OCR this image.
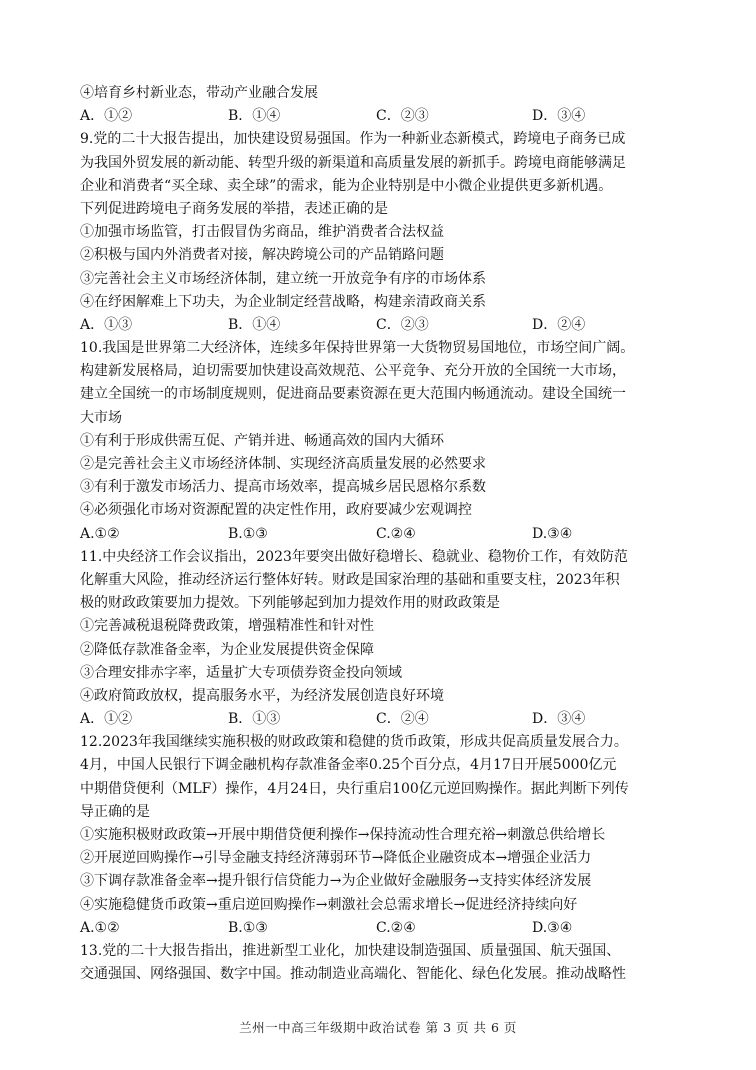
④培育乡村新业态，带动产业融合发展
A．①②	B．①④	C．②③	D．③④
9.党的二十大报告提出，加快建设贸易强国。作为一种新业态新模式，跨境电子商务已成
为我国外贸发展的新动能、转型升级的新渠道和高质量发展的新抓手。跨境电商能够满足
企业和消费者“买全球、卖全球”的需求，能为企业特别是中小微企业提供更多新机遇。
下列促进跨境电子商务发展的举措，表述正确的是
①加强市场监管，打击假冒伪劣商品，维护消费者合法权益
②积极与国内外消费者对接，解决跨境公司的产品销路问题
③完善社会主义市场经济体制，建立统一开放竞争有序的市场体系
④在纾困解难上下功夫，为企业制定经营战略，构建亲清政商关系
A．①③	B．①④	C．②③	D．②④
10.我国是世界第二大经济体，连续多年保持世界第一大货物贸易国地位，市场空间广阔。
构建新发展格局，迫切需要加快建设高效规范、公平竞争、充分开放的全国统一大市场，
建立全国统一的市场制度规则，促进商品要素资源在更大范围内畅通流动。建设全国统一
大市场
①有利于形成供需互促、产销并进、畅通高效的国内大循环
②是完善社会主义市场经济体制、实现经济高质量发展的必然要求
③有利于激发市场活力、提高市场效率，提高城乡居民恩格尔系数
④必须强化市场对资源配置的决定性作用，政府要减少宏观调控
A.①②	B.①③	C.②④	D.③④
11.中央经济工作会议指出，2023年要突出做好稳增长、稳就业、稳物价工作，有效防范
化解重大风险，推动经济运行整体好转。财政是国家治理的基础和重要支柱，2023年积
极的财政政策要加力提效。下列能够起到加力提效作用的财政政策是
①完善减税退税降费政策，增强精准性和针对性
②降低存款准备金率，为企业发展提供资金保障
③合理安排赤字率，适量扩大专项债券资金投向领域
④政府简政放权，提高服务水平，为经济发展创造良好环境
A．①②	B．①③	C．②④	D．③④
12.2023年我国继续实施积极的财政政策和稳健的货币政策，形成共促高质量发展合力。
4月，中国人民银行下调金融机构存款准备金率0.25个百分点，4月17日开展5000亿元
中期借贷便利（MLF）操作，4月24日，央行重启100亿元逆回购操作。据此判断下列传
导正确的是
①实施积极财政政策→开展中期借贷便利操作→保持流动性合理充裕→刺激总供给增长
②开展逆回购操作→引导金融支持经济薄弱环节→降低企业融资成本→增强企业活力
③下调存款准备金率→提升银行信贷能力→为企业做好金融服务→支持实体经济发展
④实施稳健货币政策→重启逆回购操作→刺激社会总需求增长→促进经济持续向好
A.①②	B.①③	C.②④	D.③④
13.党的二十大报告指出，推进新型工业化，加快建设制造强国、质量强国、航天强国、
交通强国、网络强国、数字中国。推动制造业高端化、智能化、绿色化发展。推动战略性
兰州一中高三年级期中政治试卷 第 3 页 共 6 页
